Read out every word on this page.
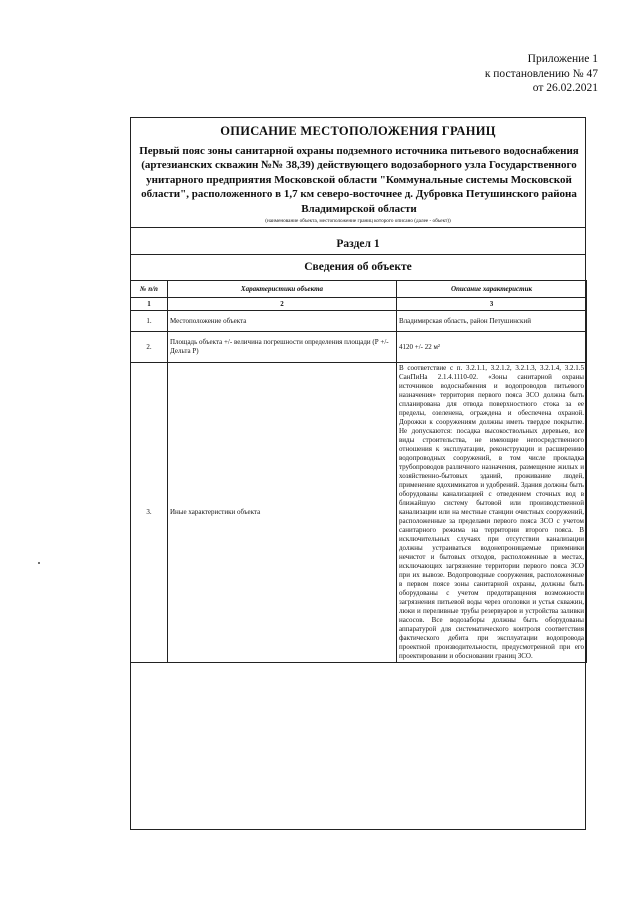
Приложение 1
к постановлению № 47
от 26.02.2021
ОПИСАНИЕ МЕСТОПОЛОЖЕНИЯ ГРАНИЦ
Первый пояс зоны санитарной охраны подземного источника питьевого водоснабжения (артезианских скважин №№ 38,39) действующего водозаборного узла Государственного унитарного предприятия Московской области "Коммунальные системы Московской области", расположенного в 1,7 км северо-восточнее д. Дубровка Петушинского района Владимирской области
(наименование объекта, местоположение границ которого описано (далее - объект))
Раздел 1
Сведения об объекте
№ п/п	Характеристики объекта	Описание характеристик
1	2	3
1.	Местоположение объекта	Владимирская область, район Петушинский
2.	Площадь объекта +/- величина погрешности определения площади (Р +/- Дельта Р)	4120 +/- 22 м²
3.	Иные характеристики объекта	В соответствие с п. 3.2.1.1, 3.2.1.2, 3.2.1.3, 3.2.1.4, 3.2.1.5 СанПиНа 2.1.4.1110-02. «Зоны санитарной охраны источников водоснабжения и водопроводов питьевого назначения» территория первого пояса ЗСО должна быть спланирована для отвода поверхностного стока за ее пределы, озеленена, ограждена и обеспечена охраной. Дорожки к сооружениям должны иметь твердое покрытие. Не допускаются: посадка высокоствольных деревьев, все виды строительства, не имеющие непосредственного отношения к эксплуатации, реконструкции и расширению водопроводных сооружений, в том числе прокладка трубопроводов различного назначения, размещение жилых и хозяйственно-бытовых зданий, проживание людей, применение ядохимикатов и удобрений. Здания должны быть оборудованы канализацией с отведением сточных вод в ближайшую систему бытовой или производственной канализации или на местные станции очистных сооружений, расположенные за пределами первого пояса ЗСО с учетом санитарного режима на территории второго пояса. В исключительных случаях при отсутствии канализации должны устраиваться водонепроницаемые приемники нечистот и бытовых отходов, расположенные в местах, исключающих загрязнение территории первого пояса ЗСО при их вывозе. Водопроводные сооружения, расположенные в первом поясе зоны санитарной охраны, должны быть оборудованы с учетом предотвращения возможности загрязнения питьевой воды через оголовки и устья скважин, люки и переливные трубы резервуаров и устройства заливки насосов. Все водозаборы должны быть оборудованы аппаратурой для систематического контроля соответствия фактического дебита при эксплуатации водопровода проектной производительности, предусмотренной при его проектировании и обосновании границ ЗСО.
